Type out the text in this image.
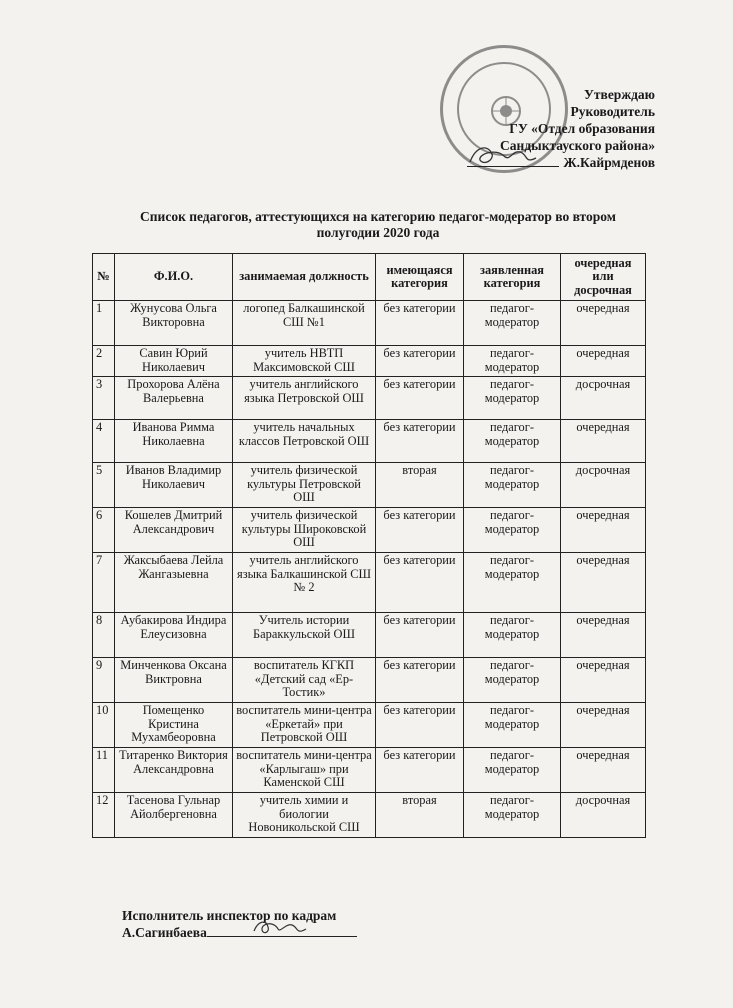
Утверждаю
Руководитель
ГУ «Отдел образования
Сандыктауского района»
Ж.Кайрмденов
Список педагогов, аттестующихся на категорию педагог-модератор во втором
полугодии 2020 года
№	Ф.И.О.	занимаемая должность	имеющаяся категория	заявленная категория	очередная или досрочная
1	Жунусова Ольга Викторовна	логопед Балкашинской СШ №1	без категории	педагог-модератор	очередная
2	Савин Юрий Николаевич	учитель НВТП Максимовской СШ	без категории	педагог-модератор	очередная
3	Прохорова Алёна Валерьевна	учитель английского языка Петровской ОШ	без категории	педагог-модератор	досрочная
4	Иванова Римма Николаевна	учитель начальных классов Петровской ОШ	без категории	педагог-модератор	очередная
5	Иванов Владимир Николаевич	учитель физической культуры Петровской ОШ	вторая	педагог-модератор	досрочная
6	Кошелев Дмитрий Александрович	учитель физической культуры Широковской ОШ	без категории	педагог-модератор	очередная
7	Жаксыбаева Лейла Жангазыевна	учитель английского языка Балкашинской СШ № 2	без категории	педагог-модератор	очередная
8	Аубакирова Индира Елеусизовна	Учитель истории Бараккульской ОШ	без категории	педагог-модератор	очередная
9	Минченкова Оксана Виктровна	воспитатель КГКП «Детский сад «Ер-Тостик»	без категории	педагог-модератор	очередная
10	Помещенко Кристина Мухамбеоровна	воспитатель мини-центра «Еркетай» при Петровской ОШ	без категории	педагог-модератор	очередная
11	Титаренко Виктория Александровна	воспитатель мини-центра «Карлыгаш» при Каменской СШ	без категории	педагог-модератор	очередная
12	Тасенова Гульнар Айолбергеновна	учитель химии и биологии Новоникольской СШ	вторая	педагог-модератор	досрочная
Исполнитель инспектор по кадрам
А.Сагинбаева
